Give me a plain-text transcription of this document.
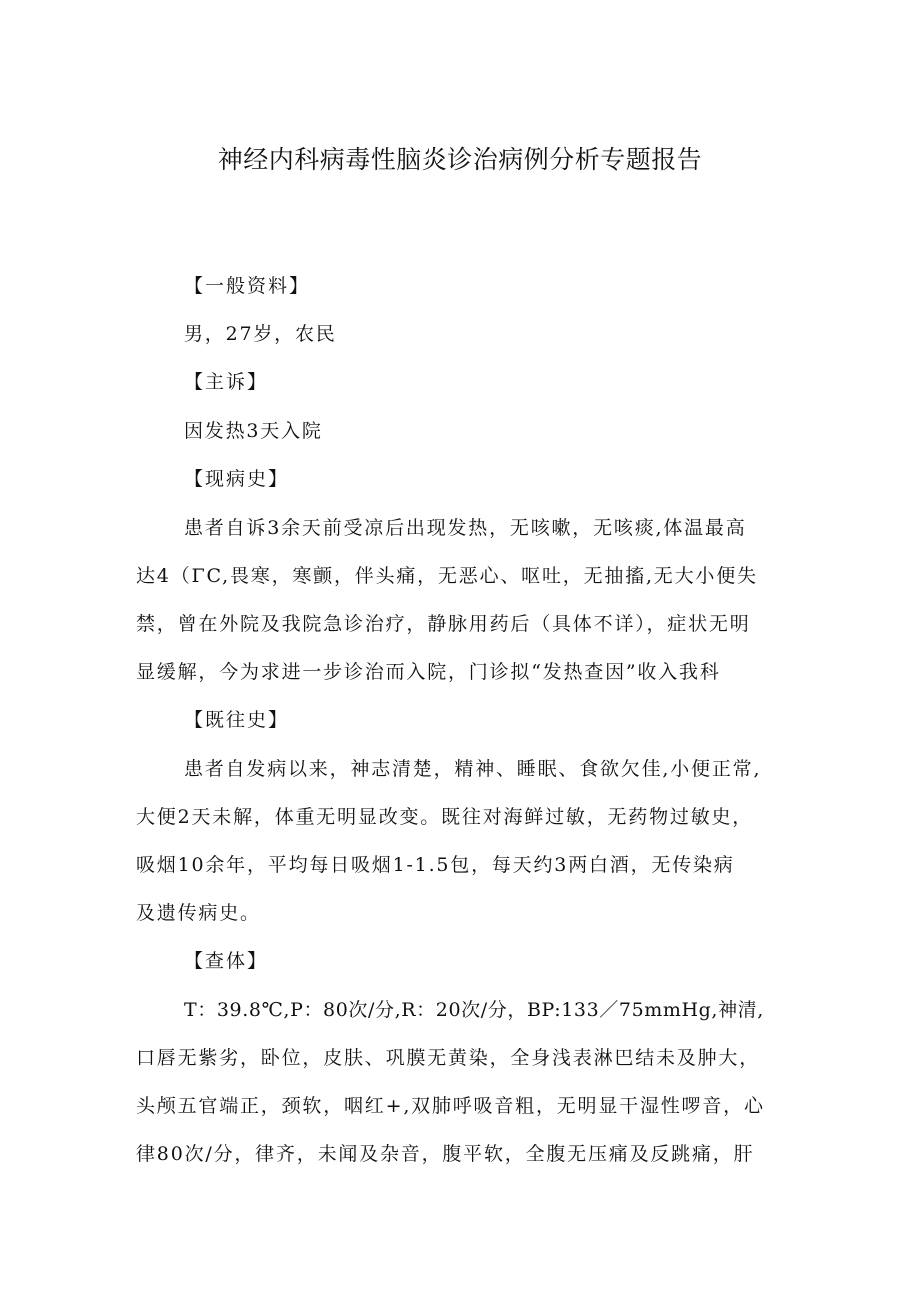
神经内科病毒性脑炎诊治病例分析专题报告
【一般资料】
男，27岁，农民
【主诉】
因发热3天入院
【现病史】
患者自诉3余天前受凉后出现发热，无咳嗽，无咳痰,体温最高
达4（ΓC,畏寒，寒颤，伴头痛，无恶心、呕吐，无抽搐,无大小便失
禁，曾在外院及我院急诊治疗，静脉用药后（具体不详），症状无明
显缓解，今为求进一步诊治而入院，门诊拟“发热查因”收入我科
【既往史】
患者自发病以来，神志清楚，精神、睡眠、食欲欠佳,小便正常,
大便2天未解，体重无明显改变。既往对海鲜过敏，无药物过敏史，
吸烟10余年，平均每日吸烟1-1.5包，每天约3两白酒，无传染病
及遗传病史。
【查体】
T：39.8℃,P：80次/分,R：20次/分，BP:133／75mmHg,神清,
口唇无紫劣，卧位，皮肤、巩膜无黄染，全身浅表淋巴结未及肿大，
头颅五官端正，颈软，咽红+,双肺呼吸音粗，无明显干湿性啰音，心
律80次/分，律齐，未闻及杂音，腹平软，全腹无压痛及反跳痛，肝
